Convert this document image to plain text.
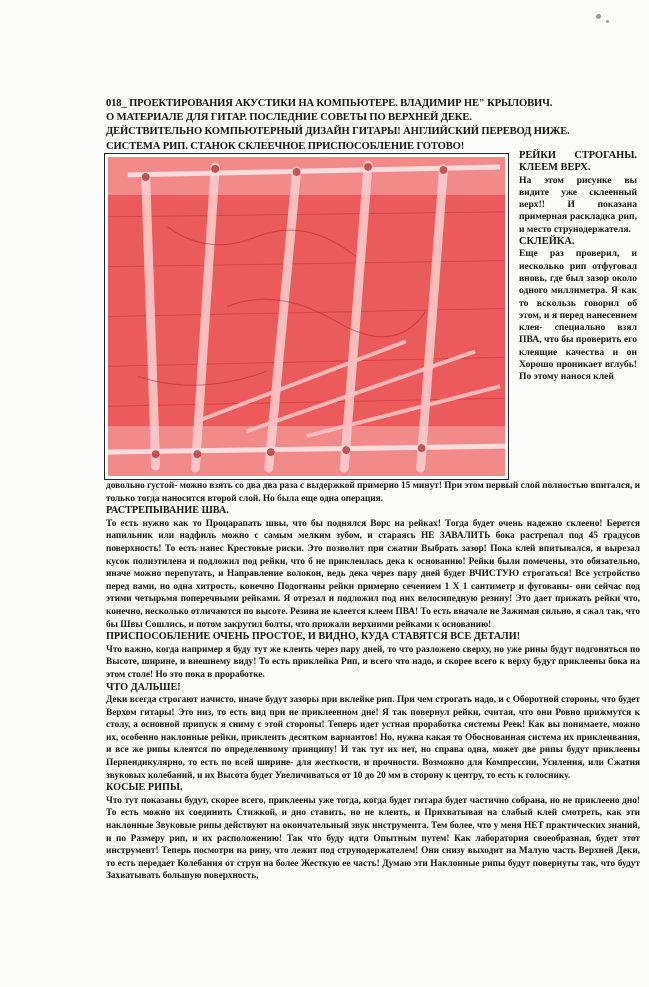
018_ ПРОЕКТИРОВАНИЯ АКУСТИКИ НА КОМПЬЮТЕРЕ. ВЛАДИМИР НЕ" КРЫЛОВИЧ.
О МАТЕРИАЛЕ ДЛЯ ГИТАР. ПОСЛЕДНИЕ СОВЕТЫ ПО ВЕРХНЕЙ ДЕКЕ.
ДЕЙСТВИТЕЛЬНО КОМПЬЮТЕРНЫЙ ДИЗАЙН ГИТАРЫ! АНГЛИЙСКИЙ ПЕРЕВОД НИЖЕ.
СИСТЕМА РИП. СТАНОК СКЛЕЕЧНОЕ ПРИСПОСОБЛЕНИЕ ГОТОВО!
РЕЙКИ СТРОГАНЫ. КЛЕЕМ ВЕРХ.

На этом рисунке вы видите уже склеенный верх!! И показана примерная раскладка рип, и место струнодержателя.

СКЛЕЙКА.

Еще раз проверил, и несколько рип отфуговал вновь, где был зазор около одного миллиметра. Я как то вскользь говорил об этом, и я перед нанесением клея- специально взял ПВА, что бы проверить его клеящие качества и он Хорошо проникает вглубь! По этому нанося клей

довольно густой- можно взять со два два раза с выдержкой примерно 15 минут! При этом первый слой полностью впитался, и только тогда наносится второй слой. Но была еще одна операция.

РАСТРЕПЫВАНИЕ ШВА.

То есть нужно как то Процарапать швы, что бы поднялся Ворс на рейках! Тогда будет очень надежно склеено! Берется напильник или надфиль можно с самым мелким зубом, и стараясь НЕ ЗАВАЛИТЬ бока растрепал под 45 градусов поверхность! То есть нанес Крестовые риски. Это позволит при сжатии Выбрать зазор! Пока клей впитывался, я вырезал кусок полиэтилена и подложил под рейки, что б не приклеилась дека к основанию! Рейки были помечены, это обязательно, иначе можно перепутать, и Направление волокон, ведь дека через пару дней будет ВЧИСТУЮ строгаться! Все устройство перед вами, но одна хитрость, конечно Подогнаны рейки примерно сечением 1 Х 1 сантиметр и фугованы- они сейчас под этими четырьмя поперечными рейками. Я отрезал и подложил под них велосипедную резину! Это дает прижать рейки что, конечно, несколько отличаются по высоте. Резина не клеется клеем ПВА! То есть вначале не Зажимая сильно, я сжал так, что бы Швы Сошлись, и потом закрутил болты, что прижали верхними рейками к основанию!

ПРИСПОСОБЛЕНИЕ ОЧЕНЬ ПРОСТОЕ, И ВИДНО, КУДА СТАВЯТСЯ ВСЕ ДЕТАЛИ!

Что важно, когда например я буду тут же клеить через пару дней, то что разложено сверху, но уже рины будут подгоняться по Высоте, ширине, и внешнему виду! То есть приклейка Рип, и всего что надо, и скорее всего к верху будут приклеены бока на этом столе! Но это пока в проработке.

ЧТО ДАЛЬШЕ!

Деки всегда строгают начисто, иначе будут зазоры при вклейке рип. При чем строгать надо, и с Оборотной стороны, что будет Верхом гитары! Это низ, то есть вид при не приклеенном дне! Я так повернул рейки, считая, что они Ровно прижмутся к столу, а основной припуск я сниму с этой стороны! Теперь идет устная проработка системы Реек! Как вы понимаете, можно их, особенно наклонные рейки, приклеить десятком вариантов! Но, нужна какая то Обоснованная система их приклеивания, и все же рипы клеятся по определенному принципу! И так тут их нет, но справа одна, может две рипы будут приклеены Перпендикулярно, то есть по всей ширине- для жесткости, и прочности. Возможно для Компрессии, Усиления, или Сжатия звуковых колебаний, и их Высота будет Увеличиваться от 10 до 20 мм в сторону к центру, то есть к голоснику.

КОСЫЕ РИПЫ.

Что тут показаны будут, скорее всего, приклеены уже тогда, когда будет гитара будет частично собрана, но не приклеено дно! То есть можно их соединить Стижкой, и дно ставить, но не клеить, и Прихватывая на слабый клей смотреть, как эти наклонные Звуковые рипы действуют на окончательный звук инструмента. Тем более, что у меня НЕТ практических знаний, и по Размеру рип, и их расположению! Так что буду идти Опытным путем! Как лаборатория своеобразная, будет этот инструмент! Теперь посмотри на рину, что лежит под струнодержателем! Они снизу выходит на Малую часть Верхней Деки, то есть передает Колебания от струн на более Жесткую ее часть! Думаю эти Наклонные рипы будут повернуты так, что будут Захватывать большую поверхность,
